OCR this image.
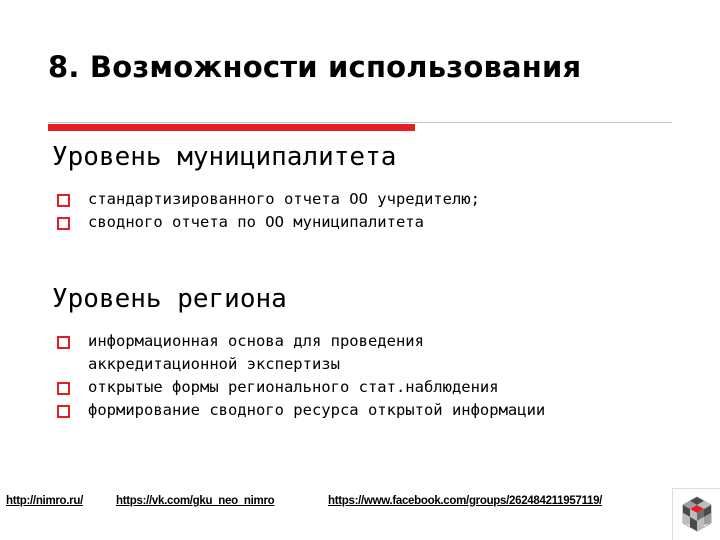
8. Возможности использования
Уровень муниципалитета
стандартизированного отчета ОО учредителю;
сводного отчета по ОО муниципалитета
Уровень региона
информационная основа для проведения
аккредитационной экспертизы
открытые формы регионального стат.наблюдения
формирование сводного ресурса открытой информации
http://nimro.ru/	https://vk.com/gku_neo_nimro	https://www.facebook.com/groups/262484211957119/
